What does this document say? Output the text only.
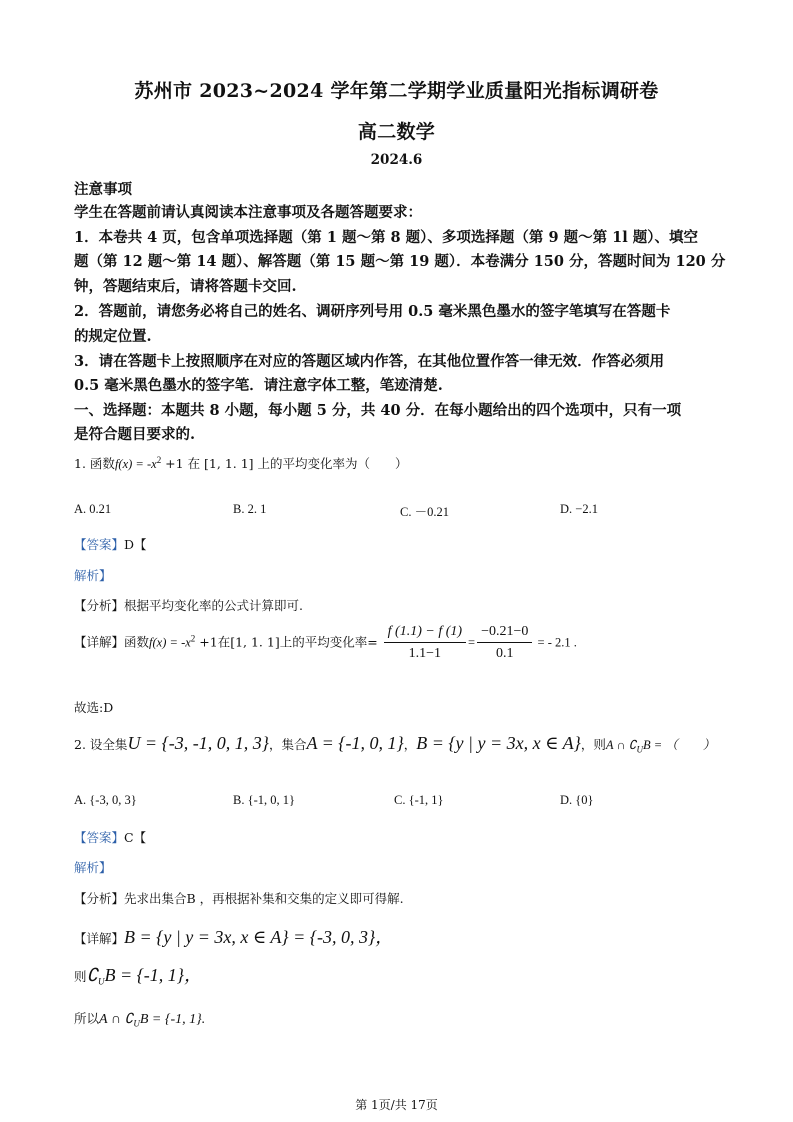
苏州市 2023~2024 学年第二学期学业质量阳光指标调研卷
高二数学
2024.6
注意事项
学生在答题前请认真阅读本注意事项及各题答题要求：
1．本卷共 4 页，包含单项选择题（第 1 题～第 8 题）、多项选择题（第 9 题～第 1l 题）、填空
题（第 12 题～第 14 题）、解答题（第 15 题～第 19 题）．本卷满分 150 分，答题时间为 120 分
钟，答题结束后，请将答题卡交回.
2．答题前，请您务必将自己的姓名、调研序列号用 0.5 毫米黑色墨水的签字笔填写在答题卡
的规定位置.
3．请在答题卡上按照顺序在对应的答题区域内作答，在其他位置作答一律无效．作答必须用
0.5 毫米黑色墨水的签字笔．请注意字体工整，笔迹清楚.
一、选择题：本题共 8 小题，每小题 5 分，共 40 分．在每小题给出的四个选项中，只有一项
是符合题目要求的.
1. 函数$f(x) = -x^2 +1$ 在 [1, 1. 1] 上的平均变化率为（　　）
A. 0.21	B. 2. 1	C. －0.21	D. −2.1
【答案】D【
解析】
【分析】根据平均变化率的公式计算即可.
【详解】函数$f(x) = -x^2 +1$在[1, 1. 1]上的平均变化率= $\frac{f (1.1) - f (1)}{1.1-1} = \frac{-0.21-0}{0.1}$ = - 2.1 .
故选:D
2. 设全集U = {-3, -1, 0, 1, 3}，集合A = {-1, 0, 1}，B = {y | y = 3x, x ∈ A}，则A ∩ $∁_UB$ = （　　）
A. {-3, 0, 3}	B. {-1, 0, 1}	C. {-1, 1}	D. {0}
【答案】C【
解析】
【分析】先求出集合B ，再根据补集和交集的定义即可得解.
【详解】B = {y | y = 3x, x ∈ A} = {-3, 0, 3}，
则$∁_UB = \{-1$, 1}，
所以A ∩ $∁_UB = \{-1$, 1}.
第 1页/共 17页
